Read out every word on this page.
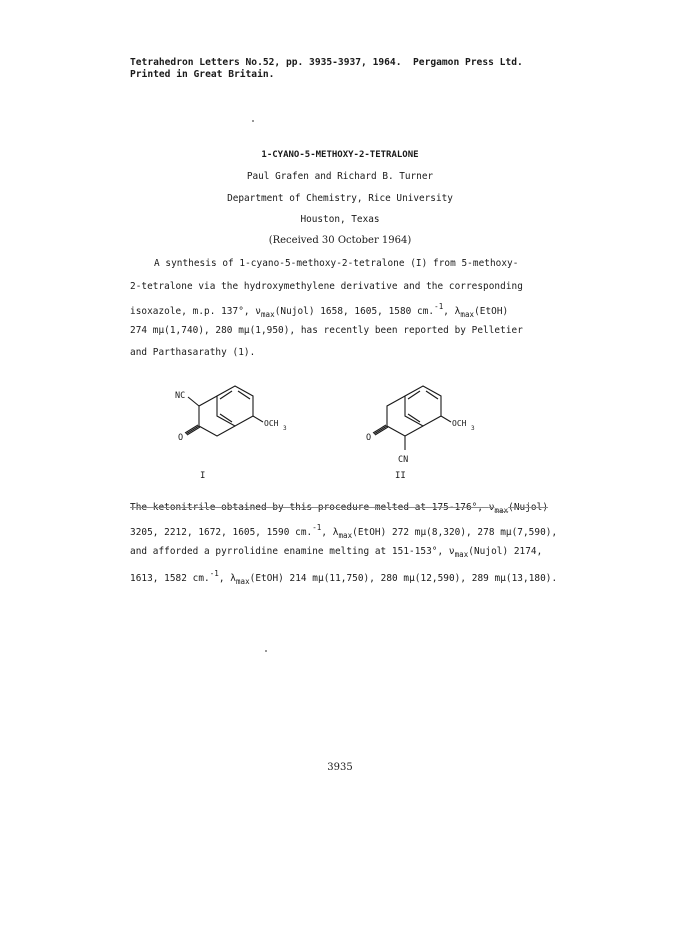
Tetrahedron Letters No.52, pp. 3935-3937, 1964.  Pergamon Press Ltd.
Printed in Great Britain.
1-CYANO-5-METHOXY-2-TETRALONE
Paul Grafen and Richard B. Turner
Department of Chemistry, Rice University
Houston, Texas
(Received 30 October 1964)
A synthesis of 1-cyano-5-methoxy-2-tetralone (I) from 5-methoxy-
2-tetralone via the hydroxymethylene derivative and the corresponding
isoxazole, m.p. 137°, $\nu_{max}(Nujol)$ 1658, 1605, 1580 cm.$^{-1}$, $\lambda_{max}(EtOH)$
274 mμ(1,740), 280 mμ(1,950), has recently been reported by Pelletier
and Parthasarathy (1).
NC
OCH
3
O
I
O
CN
OCH
3
II
The ketonitrile obtained by this procedure melted at 175-176°, $\nu_{max}(Nujol)$
3205, 2212, 1672, 1605, 1590 cm.$^{-1}$, $\lambda_{max}(EtOH)$ 272 mμ(8,320), 278 mμ(7,590),
and afforded a pyrrolidine enamine melting at 151-153°, $\nu_{max}(Nujol)$ 2174,
1613, 1582 cm.$^{-1}$, $\lambda_{max}(EtOH)$ 214 mμ(11,750), 280 mμ(12,590), 289 mμ(13,180).
3935
